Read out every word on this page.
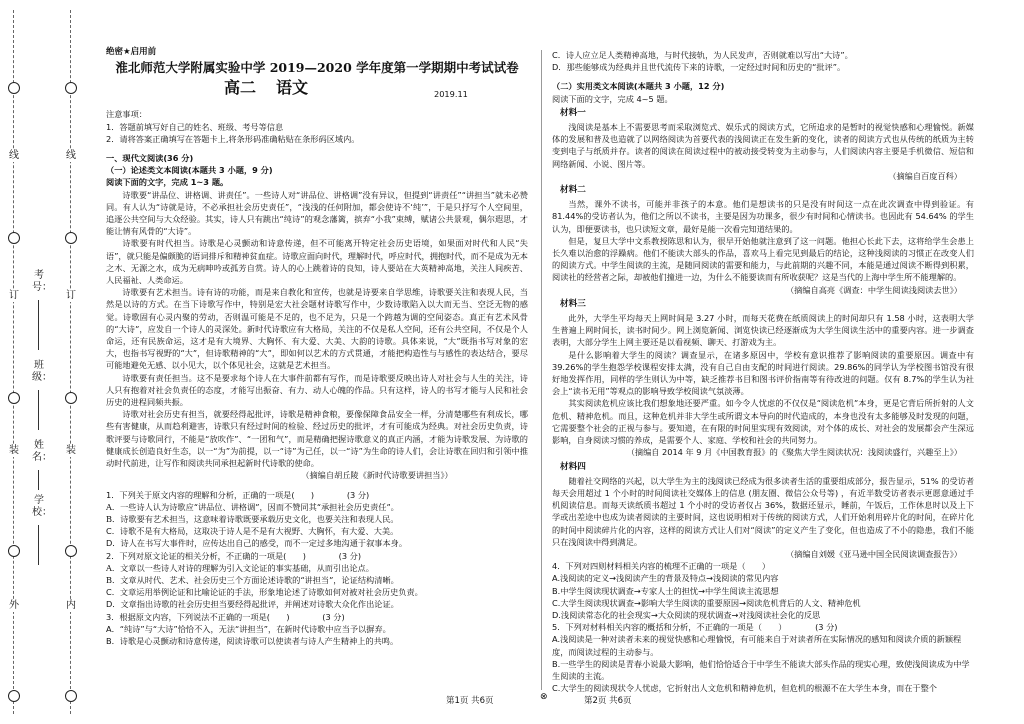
线
订
装
外
考号：
班级：
姓名：
学校：
线
订
装
内

绝密★启用前

淮北师范大学附属实验中学 2019—2020 学年度第一学期期中考试试卷

高二 语文	2019.11

注意事项：

1．答题前填写好自己的姓名、班级、考号等信息

2．请将答案正确填写在答题卡上,将条形码准确粘贴在条形码区域内。

一、现代文阅读(36 分)

（一）论述类文本阅读(本题共 3 小题，9 分)

阅读下面的文字，完成 1~3 题。

诗歌要“讲品位、讲格调、讲责任”。一些诗人对“讲品位、讲格调”没有异议，但提到“讲责任”“讲担当”就未必赞同。有人认为“诗就是诗，不必承担社会历史责任”，“浅浅的任何附加，都会使诗不‘纯’”，于是只抒写个人空间里，追逐公共空间与大众经验。其实，诗人只有跳出“纯诗”的观念藩篱，摈弃“小我”束缚，赋诸公共景观，偶尔遐思，才能让情有风骨的“大诗”。

诗歌要有时代担当。诗歌是心灵颤动和诗意传递，但不可能离开特定社会历史语境，如果面对时代和人民“失语”，就只能是偏颇脆的语词排斥和精神贫血症。诗歌应面向时代，理解时代，呼应时代，拥抱时代，而不是成为无本之木、无源之水，成为无病呻吟或孤芳自赏。诗人的心上跳着诗的良知，诗人要站在大英精神高地，关注人间疾苦、人民福祉、人类命运。

诗歌要有艺术担当。诗有诗的功能，而是来自教化和宣传，也就是诗要来自学思维，诗歌要关注和表现人民，当然是以诗的方式。在当下诗歌写作中，特别是宏大社会题材诗歌写作中，少数诗歌陷入以大而无当、空泛无物的感觉。诗歌固有心灵内聚的劳动，否则温可能是不足的，也不足为，只是一个跨越为调的空间姿态。真正有艺术风骨的“大诗”，应发自一个诗人的灵深处。新时代诗歌应有大格局，关注的不仅是私人空间，还有公共空间，不仅是个人命运，还有民族命运，这才是有大境界、大胸怀、有大爱、大美、大韵的诗歌。具体来说，“大”既指书写对象的宏大，也指书写视野的“大”，但诗歌精神的“大”，即如何以艺术的方式贯通，才能把构造性与与感性的表达结合，要尽可能地避免无感、以小见大，以个体见社会，这就是艺术担当。

诗歌要有责任担当。这不是要求每个诗人在大事件前都有写作，而是诗歌要反映出诗人对社会与人生的关注，诗人只有抱着对社会负责任的态度，才能写出振奋、有力、动人心魄的作品。只有这样，诗人的书写才能与人民和社会历史的进程同频共振。

诗歌对社会历史有担当，就要经得起批评，诗歌是精神食粮，要像保障食品安全一样，分清楚哪些有利成长，哪些有害健康，从而趋利避害，诗歌只有经过时间的检验、经过历史的批评，才有可能成为经典。对社会历史负责，诗歌评要与诗歌同行，不能是“放吹作”、“一团和气”，而是精确把握诗歌意义的真正内涵，才能为诗歌发展、为诗歌的健康成长创造良好生态，以一“为”为前提，以一“诗”为己任，以一“诗”为生命的诗人们，会让诗歌在回归和引领中推动时代前进，让写作和阅读共同承担起新时代诗歌的使命。

（摘编自胡丘陵《新时代诗歌要讲担当》）

1．下列关于原文内容的理解和分析，正确的一项是(　　)　　　　(3 分)

A．一些诗人认为诗歌应“讲品位、讲格调”，因而不赞同其“承担社会历史责任”。

B．诗歌要有艺术担当，这意味着诗歌既要承载历史文化，也要关注和表现人民。

C．诗歌不是有大格局，这取决于诗人是不是有大视野、大胸怀，有大爱、大美。

D．诗人在书写大事件时，应传达出自己的感受，而不一定过多地沟通于叙事本身。

2．下列对原文论证的相关分析，不正确的一项是(　　)　　　　(3 分)

A．文章以一些诗人对诗的理解为引入文论证的事实基础，从而引出论点。

B．文章从时代、艺术、社会历史三个方面论述诗歌的“讲担当”，论证结构清晰。

C．文章运用举例论证和比喻论证的手法，形象地论述了诗歌如何对被对社会历史负责。

D．文章指出诗歌的社会历史担当要经得起批评，并阐述对诗歌大众化作出论证。

3．根据原文内容，下列说法不正确的一项是(　　)　　　　(3 分)

A．“纯诗”与“大诗”恰恰不入，无法“讲担当”，在新时代诗歌中应当予以摒弃。

B．诗歌是心灵颤动和诗意传递，阅读诗歌可以使读者与诗人产生精神上的共鸣。

C．诗人应立足人类精神高地，与时代接轨，为人民发声，否则就难以写出“大诗”。

D．那些能够成为经典并且世代流传下来的诗歌，一定经过时间和历史的“批评”。

（二）实用类文本阅读(本题共 3 小题，12 分)

阅读下面的文字，完成 4~5 题。

材料一

浅阅读是基本上不需要思考而采取浏览式、娱乐式的阅读方式，它所追求的是暂时的视觉快感和心理愉悦。新媒体的发展和普及也造就了以网络阅读为首要代表的浅阅读正在发生新的变化，读者的阅读方式也从传统的纸质为主转变到电子与纸质并存。读者的阅读在阅读过程中的被动接受转变为主动参与，人们阅读内容主要是手机微信、短信和网络新闻、小说、图片等。

（摘编自百度百科）

材料二

当然，课外不读书，可能并非孩子的本意。他们是想读书的只是没有时间这一点在此次调查中得到验证。有 81.44%的受访者认为，他们之所以不读书，主要是因为功课多，很少有时间和心情读书。也因此有 54.64% 的学生认为，即便要读书，也只读短文章，最好是能一次看完知道结果的。

但是，复旦大学中文系教授陈思和认为，很早开始他就注意到了这一问题。他担心长此下去，这将给学生会患上长久难以治愈的浮躁病。他们不能读大部头的作品，喜欢马上看完见到最后的结论，这种浅阅读的习惯正在改变人们的阅读方式。中学生阅读的主流，是随同阅读的需要和能力，与此前期的兴趣不同，本能是通过阅读不断得到积累，阅读社的经营者之际，却被他们撞进一边，为什么不能要读而有所收获呢？这是当代的上海中学生所不能理解的。

（摘编自高亮《调查：中学生阅读浅阅读去世》）

材料三

此外，大学生平均每天上网时间是 3.27 小时，而每天花费在纸质阅读上的时间却只有 1.58 小时，这表明大学生普遍上网时间长，读书时间少。网上浏览新闻、浏览快读已经逐渐成为大学生阅读生活中的重要内容。进一步调查表明，大部分学生上网主要还是以看视频、聊天、打游戏为主。

是什么影响着大学生的阅读？调查显示，在诸多原因中，学校有意识推荐了影响阅读的重要原因。调查中有 39.26%的学生抱怨学校课程安排太满，没有自己自由支配的时间进行阅读。29.86%的同学认为学校图书馆没有很好地发挥作用，同样的学生则认为中等，缺乏推荐书目和图书评价指南等有待改进的问题。仅有 8.7%的学生认为社会上“读书无用”等观点的影响导致学校阅读气氛淡薄。

其实阅读危机应该比我们想象地还要严重。如今令人忧虑的不仅仅是“阅读危机”本身，更是它背后所折射的人文危机、精神危机。而且，这种危机并非大学生或所谓文本导向的时代造成的，本身也没有太多能够及时发现的问题，它需要整个社会的正视与参与。要知道，在有限的时间里实现有效阅读，对个体的成长、对社会的发展都会产生深远影响，自身阅读习惯的养成，是需要个人、家庭、学校和社会的共同努力。

（摘编自 2014 年 9 月《中国教育报》的《聚焦大学生阅读状况：浅阅读盛行，兴趣至上》）

材料四

随着社交网络的兴起，以大学生为主的浅阅读已经成为很多读者生活的重要组成部分，报告显示，51% 的受访者每天会用超过 1 个小时的时间阅读社交媒体上的信息 (朋友圈、微信公众号等) ，有近半数受访者表示更愿意通过手机阅读信息。而每天读纸质书超过 1 个小时的受访者仅占 36%，数据还显示，睡前，午饭后，工作休息时以及上下学或出差途中也成为读者阅读的主要时间，这也说明相对于传统的阅读方式，人们开始利用碎片化的时间，在碎片化的时间中阅读碎片化的内容，这样的阅读方式让人们对“阅读”的定义产生了变化，但也造成了不小的隐患，我们不能只在浅阅读中得到满足。

（摘编自刘媛《亚马逊中国全民阅读调查报告》）

4．下列对四则材料相关内容的梳理不正确的一项是（　　）

A.浅阅读的定义→浅阅读产生的背景及特点→浅阅读的常见内容

B.中学生阅读现状调查→专家人士的担忧→中学生阅读主流思想

C.大学生阅读现状调查→影响大学生阅读的重要原因→阅读危机背后的人文、精神危机

D.浅阅读常态化的社会现实→大众阅读的现状调查→对浅阅读社会化的反思

5．下列对材料相关内容的概括和分析，不正确的一项是（　　）　　　　(3 分)

A.浅阅读是一种对读者未来的视觉快感和心理愉悦，有可能来自于对读者所在实际情况的感知和阅读介质的新颖程度，而阅读过程的主动参与。

B.一些学生的阅读是青春小说最大影响，他们恰恰适合于中学生不能读大部头作品的现实心理，致使浅阅读成为中学生阅读的主流。

C.大学生的阅读现状令人忧虑，它折射出人文危机和精神危机，但危机的根源不在大学生本身，而在于整个

第1页 共6页	⊗	第2页 共6页
